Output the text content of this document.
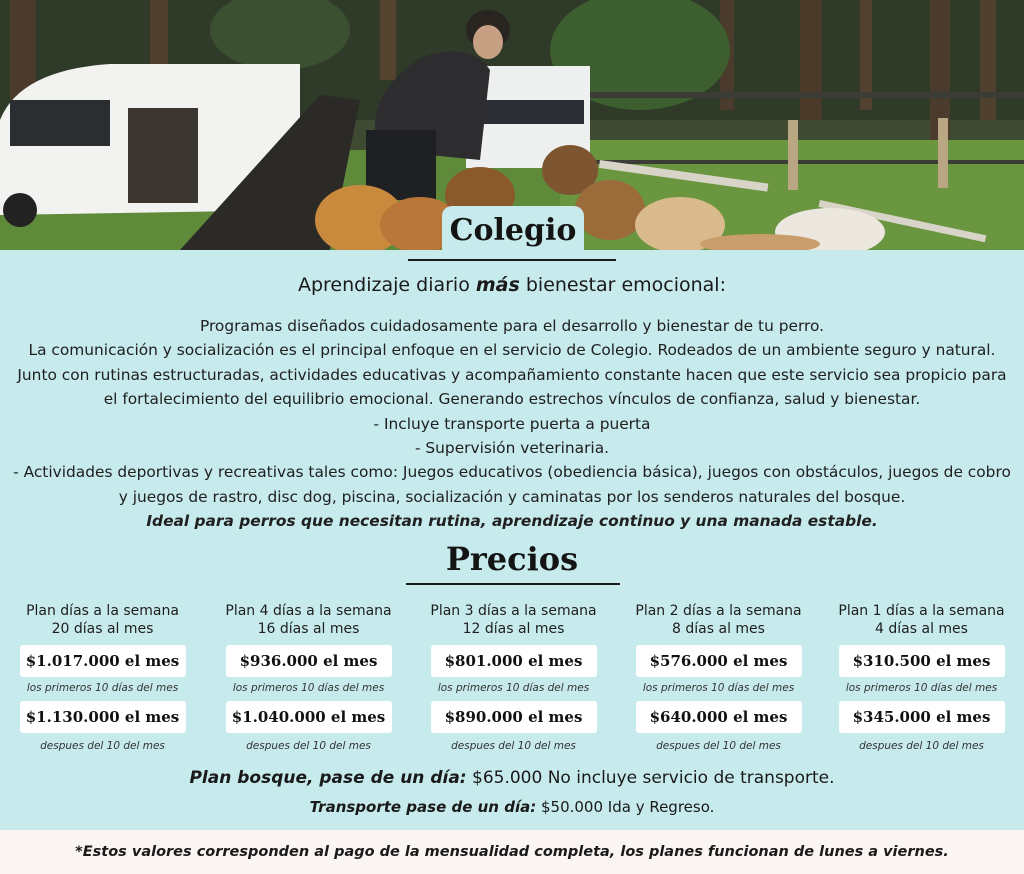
Colegio
Aprendizaje diario más bienestar emocional:

Programas diseñados cuidadosamente para el desarrollo y bienestar de tu perro.

La comunicación y socialización es el principal enfoque en el servicio de Colegio. Rodeados de un ambiente seguro y natural. Junto con rutinas estructuradas, actividades educativas y acompañamiento constante hacen que este servicio sea propicio para el fortalecimiento del equilibrio emocional. Generando estrechos vínculos de confianza, salud y bienestar.

- Incluye transporte puerta a puerta

- Supervisión veterinaria.

- Actividades deportivas y recreativas tales como: Juegos educativos (obediencia básica), juegos con obstáculos, juegos de cobro y juegos de rastro, disc dog, piscina, socialización y caminatas por los senderos naturales del bosque.

Ideal para perros que necesitan rutina, aprendizaje continuo y una manada estable.

Precios
Plan días a la semana
20 días al mes
$1.017.000 el mes
los primeros 10 días del mes
$1.130.000 el mes
despues del 10 del mes
Plan 4 días a la semana
16 días al mes
$936.000 el mes
los primeros 10 días del mes
$1.040.000 el mes
despues del 10 del mes
Plan 3 días a la semana
12 días al mes
$801.000 el mes
los primeros 10 días del mes
$890.000 el mes
despues del 10 del mes
Plan 2 días a la semana
8 días al mes
$576.000 el mes
los primeros 10 días del mes
$640.000 el mes
despues del 10 del mes
Plan 1 días a la semana
4 días al mes
$310.500 el mes
los primeros 10 días del mes
$345.000 el mes
despues del 10 del mes
Plan bosque, pase de un día: $65.000 No incluye servicio de transporte.
Transporte pase de un día: $50.000 Ida y Regreso.
*Estos valores corresponden al pago de la mensualidad completa, los planes funcionan de lunes a viernes.
